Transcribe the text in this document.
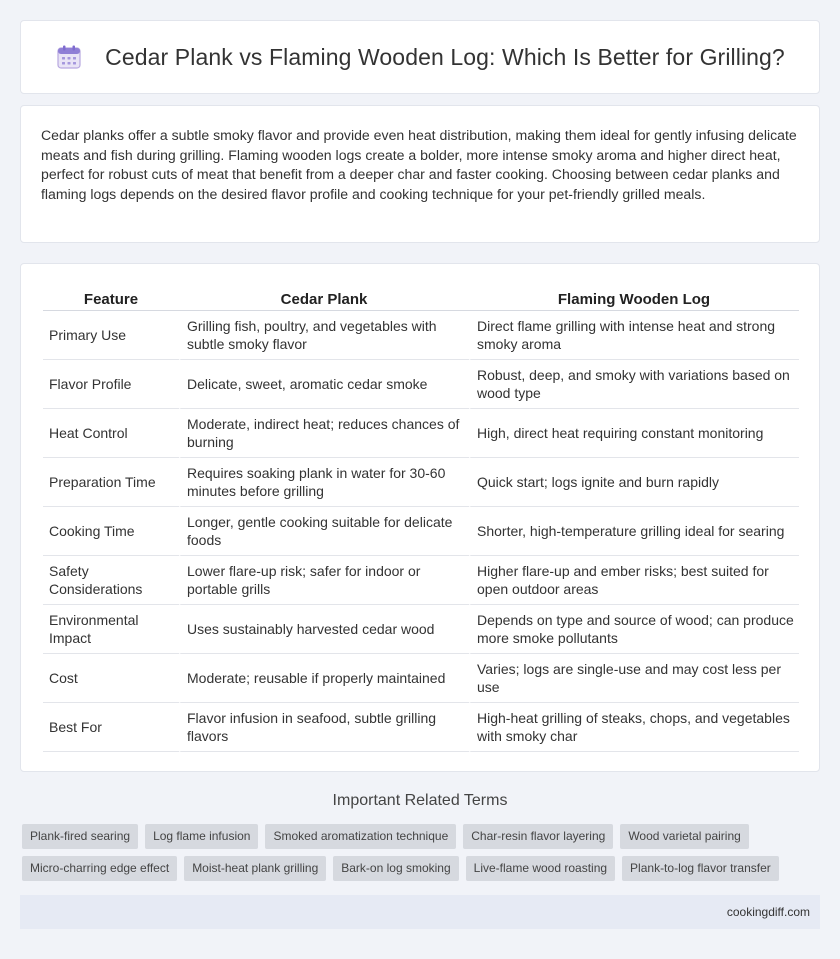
Cedar Plank vs Flaming Wooden Log: Which Is Better for Grilling?

Cedar planks offer a subtle smoky flavor and provide even heat distribution, making them ideal for gently infusing delicate meats and fish during grilling. Flaming wooden logs create a bolder, more intense smoky aroma and higher direct heat, perfect for robust cuts of meat that benefit from a deeper char and faster cooking. Choosing between cedar planks and flaming logs depends on the desired flavor profile and cooking technique for your pet-friendly grilled meals.

Feature	Cedar Plank	Flaming Wooden Log
Primary Use	Grilling fish, poultry, and vegetables with subtle smoky flavor	Direct flame grilling with intense heat and strong smoky aroma
Flavor Profile	Delicate, sweet, aromatic cedar smoke	Robust, deep, and smoky with variations based on wood type
Heat Control	Moderate, indirect heat; reduces chances of burning	High, direct heat requiring constant monitoring
Preparation Time	Requires soaking plank in water for 30-60 minutes before grilling	Quick start; logs ignite and burn rapidly
Cooking Time	Longer, gentle cooking suitable for delicate foods	Shorter, high-temperature grilling ideal for searing
Safety Considerations	Lower flare-up risk; safer for indoor or portable grills	Higher flare-up and ember risks; best suited for open outdoor areas
Environmental Impact	Uses sustainably harvested cedar wood	Depends on type and source of wood; can produce more smoke pollutants
Cost	Moderate; reusable if properly maintained	Varies; logs are single-use and may cost less per use
Best For	Flavor infusion in seafood, subtle grilling flavors	High-heat grilling of steaks, chops, and vegetables with smoky char
Important Related Terms
Plank-fired searing	Log flame infusion	Smoked aromatization technique	Char-resin flavor layering	Wood varietal pairing
Micro-charring edge effect	Moist-heat plank grilling	Bark-on log smoking	Live-flame wood roasting	Plank-to-log flavor transfer
cookingdiff.com
